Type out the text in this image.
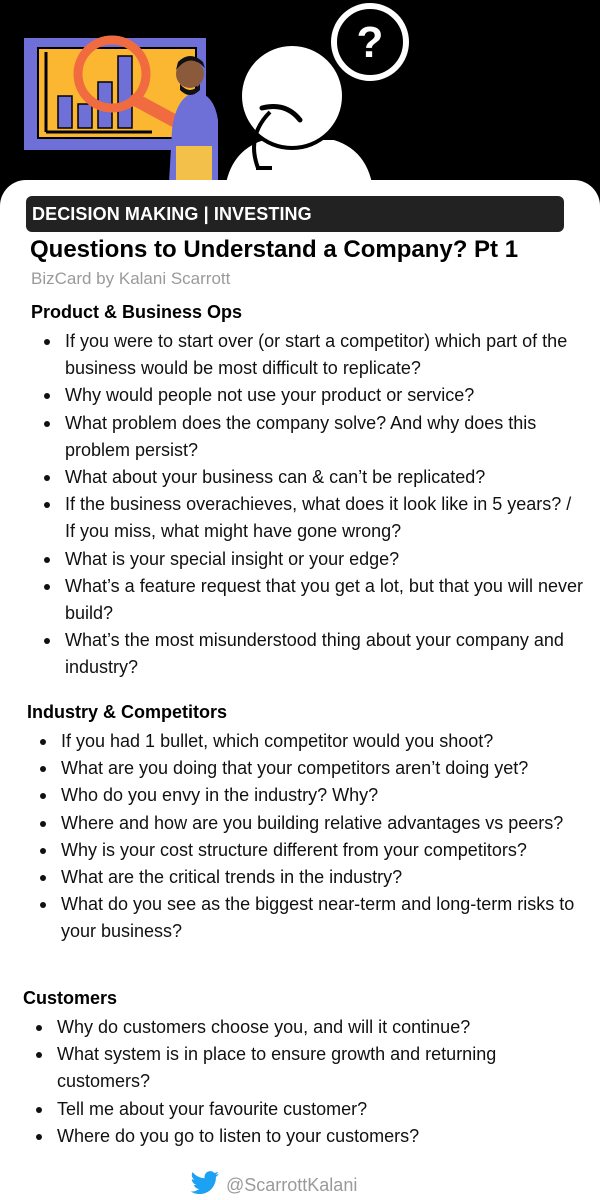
?
DECISION MAKING | INVESTING
Questions to Understand a Company? Pt 1
BizCard by Kalani Scarrott
Product & Business Ops
If you were to start over (or start a competitor) which part of the business would be most difficult to replicate?
Why would people not use your product or service?
What problem does the company solve? And why does this problem persist?
What about your business can & can’t be replicated?
If the business overachieves, what does it look like in 5 years? / If you miss, what might have gone wrong?
What is your special insight or your edge?
What’s a feature request that you get a lot, but that you will never build?
What’s the most misunderstood thing about your company and industry?
Industry & Competitors
If you had 1 bullet, which competitor would you shoot?
What are you doing that your competitors aren’t doing yet?
Who do you envy in the industry? Why?
Where and how are you building relative advantages vs peers?
Why is your cost structure different from your competitors?
What are the critical trends in the industry?
What do you see as the biggest near-term and long-term risks to your business?
Customers
Why do customers choose you, and will it continue?
What system is in place to ensure growth and returning customers?
Tell me about your favourite customer?
Where do you go to listen to your customers?
@ScarrottKalani
